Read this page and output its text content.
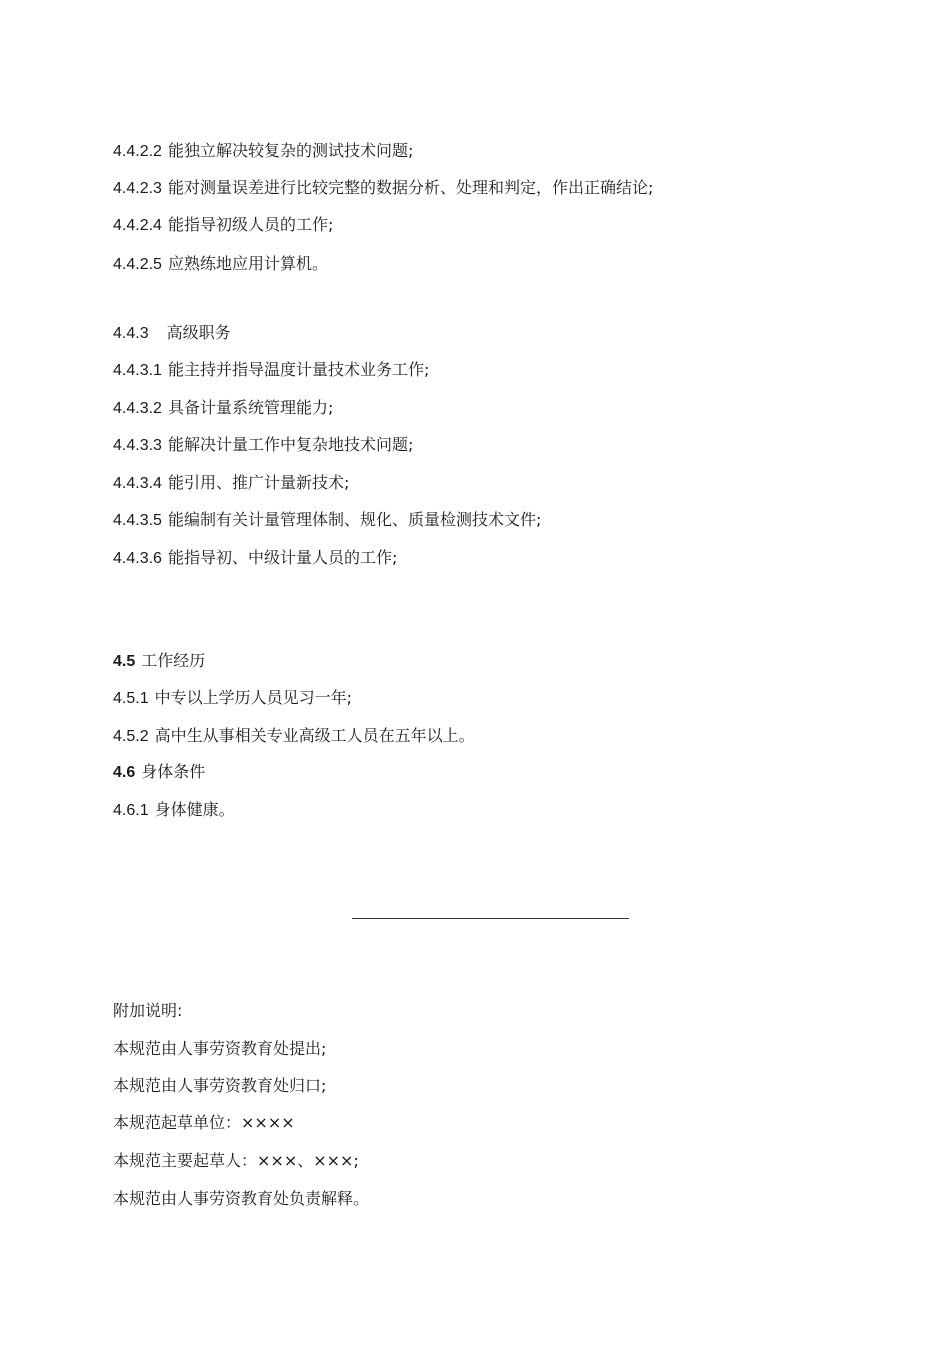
4.4.2.2 能独立解决较复杂的测试技术问题;
4.4.2.3 能对测量误差进行比较完整的数据分析、处理和判定，作出正确结论;
4.4.2.4 能指导初级人员的工作;
4.4.2.5 应熟练地应用计算机。
4.4.3 高级职务
4.4.3.1 能主持并指导温度计量技术业务工作;
4.4.3.2 具备计量系统管理能力;
4.4.3.3 能解决计量工作中复杂地技术问题;
4.4.3.4 能引用、推广计量新技术;
4.4.3.5 能编制有关计量管理体制、规化、质量检测技术文件;
4.4.3.6 能指导初、中级计量人员的工作;
4.5 工作经历
4.5.1 中专以上学历人员见习一年;
4.5.2 高中生从事相关专业高级工人员在五年以上。
4.6 身体条件
4.6.1 身体健康。
附加说明:
本规范由人事劳资教育处提出;
本规范由人事劳资教育处归口;
本规范起草单位：××××
本规范主要起草人：×××、×××;
本规范由人事劳资教育处负责解释。
